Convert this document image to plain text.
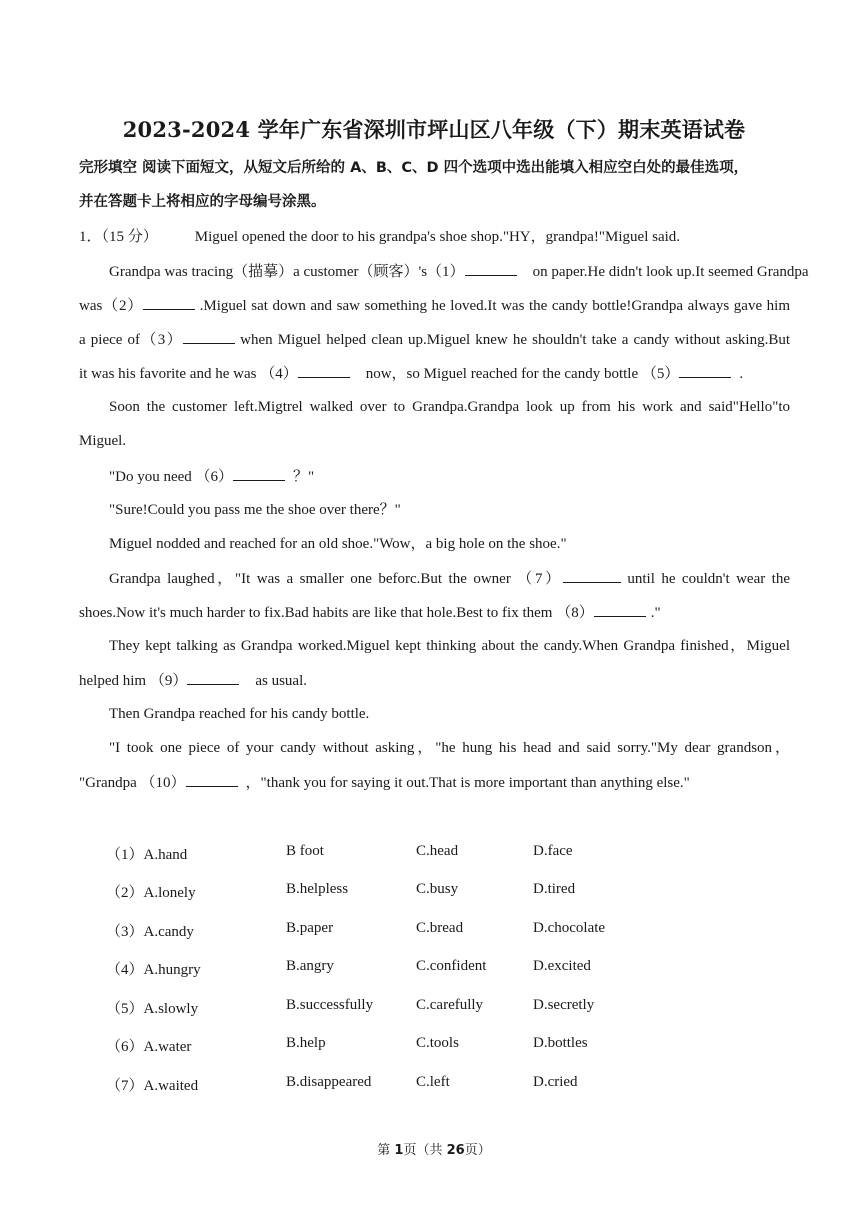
2023-2024 学年广东省深圳市坪山区八年级（下）期末英语试卷
完形填空 阅读下面短文，从短文后所给的 A、B、C、D 四个选项中选出能填入相应空白处的最佳选项，
并在答题卡上将相应的字母编号涂黑。
1．（15 分） Miguel opened the door to his grandpa's shoe shop."HY，grandpa!"Miguel said.
Grandpa was tracing（描摹）a customer（顾客）'s（1）	on paper.He didn't look up.It seemed Grandpa
was（2）	.Miguel sat down and saw something he loved.It was the candy bottle!Grandpa always gave him
a piece of（3）	when Miguel helped clean up.Miguel knew he shouldn't take a candy without asking.But
it was his favorite and he was （4）	now，so Miguel reached for the candy bottle （5）	.
Soon the customer left.Migtrel walked over to Grandpa.Grandpa look up from his work and said"Hello"to
Miguel.
"Do you need （6）	？"
"Sure!Could you pass me the shoe over there？"
Miguel nodded and reached for an old shoe."Wow，a big hole on the shoe."
Grandpa laughed，"It was a smaller one beforc.But the owner （7）	until he couldn't wear the
shoes.Now it's much harder to fix.Bad habits are like that hole.Best to fix them （8）	."
They kept talking as Grandpa worked.Miguel kept thinking about the candy.When Grandpa finished，Miguel
helped him （9）	as usual.
Then Grandpa reached for his candy bottle.
"I took one piece of your candy without asking，"he hung his head and said sorry."My dear grandson，
"Grandpa （10）	，"thank you for saying it out.That is more important than anything else."
（1）A.hand	B foot	C.head	D.face
（2）A.lonely	B.helpless	C.busy	D.tired
（3）A.candy	B.paper	C.bread	D.chocolate
（4）A.hungry	B.angry	C.confident	D.excited
（5）A.slowly	B.successfully	C.carefully	D.secretly
（6）A.water	B.help	C.tools	D.bottles
（7）A.waited	B.disappeared	C.left	D.cried
第 1页（共 26页）
